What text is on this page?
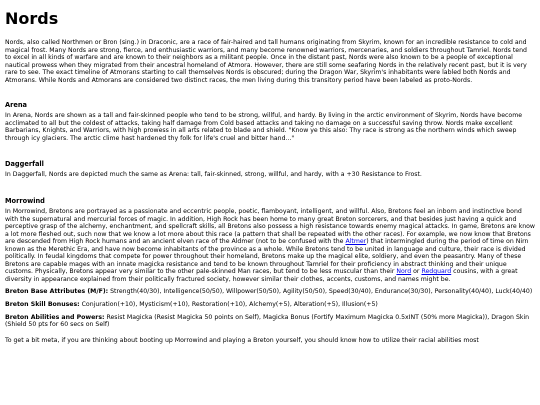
Nords

Nords, also called Northmen or Bron (sing.) in Draconic, are a race of fair-haired and tall humans originating from Skyrim, known for an incredible resistance to cold and magical frost. Many Nords are strong, fierce, and enthusiastic warriors, and many become renowned warriors, mercenaries, and soldiers throughout Tamriel. Nords tend to excel in all kinds of warfare and are known to their neighbors as a militant people. Once in the distant past, Nords were also known to be a people of exceptional nautical prowess when they migrated from their ancestral homeland of Atmora. However, there are still some seafaring Nords in the relatively recent past, but it is very rare to see. The exact timeline of Atmorans starting to call themselves Nords is obscured; during the Dragon War, Skyrim's inhabitants were labled both Nords and Atmorans. While Nords and Atmorans are considered two distinct races, the men living during this transitory period have been labeled as proto-Nords.

Arena

In Arena, Nords are shown as a tall and fair-skinned people who tend to be strong, willful, and hardy. By living in the arctic environment of Skyrim, Nords have become acclimated to all but the coldest of attacks, taking half damage from Cold based attacks and taking no damage on a successful saving throw. Nords make excellent Barbarians, Knights, and Warriors, with high prowess in all arts related to blade and shield. "Know ye this also: Thy race is strong as the northern winds which sweep through icy glaciers. The arctic clime hast hardened thy folk for life's cruel and bitter hand..."

Daggerfall

In Daggerfall, Nords are depicted much the same as Arena: tall, fair-skinned, strong, willful, and hardy, with a +30 Resistance to Frost.

Morrowind

In Morrowind, Bretons are portrayed as a passionate and eccentric people, poetic, flamboyant, intelligent, and willful. Also, Bretons feel an inborn and instinctive bond with the supernatural and mercurial forces of magic. In addition, High Rock has been home to many great Breton sorcerers, and that besides just having a quick and perceptive grasp of the alchemy, enchantment, and spellcraft skills, all Bretons also possess a high resistance towards enemy magical attacks. In game, Bretons are know a lot more fleshed out, such now that we know a lot more about this race (a pattern that shall be repeated with the other races). For example, we now know that Bretons are descended from High Rock humans and an ancient elven race of the Aldmer (not to be confused with the Altmer) that intermingled during the period of time on Nirn known as the Merethic Era, and have now become inhabitants of the province as a whole. While Bretons tend to be united in language and culture, their race is divided politically. In feudal kingdoms that compete for power throughout their homeland, Bretons make up the magical elite, soldiery, and even the peasantry. Many of these Bretons are capable mages with an innate magicka resistance and tend to be known throughout Tamriel for their proficiency in abstract thinking and their unique customs. Physically, Bretons appear very similar to the other pale-skinned Man races, but tend to be less muscular than their Nord or Redguard cousins, with a great diversity in appearance explained from their politically fractured society, however similar their clothes, accents, customs, and names might be.

Breton Base Attributes (M/F): Strength(40/30), Intelligence(50/50), Willpower(50/50), Agility(50/50), Speed(30/40), Endurance(30/30), Personality(40/40), Luck(40/40)

Breton Skill Bonuses: Conjuration(+10), Mysticism(+10), Restoration(+10), Alchemy(+5), Alteration(+5), Illusion(+5)

Breton Abilities and Powers: Resist Magicka (Resist Magicka 50 points on Self), Magicka Bonus (Fortify Maximum Magicka 0.5xINT (50% more Magicka)), Dragon Skin (Shield 50 pts for 60 secs on Self)

To get a bit meta, if you are thinking about booting up Morrowind and playing a Breton yourself, you should know how to utilize their racial abilities most
